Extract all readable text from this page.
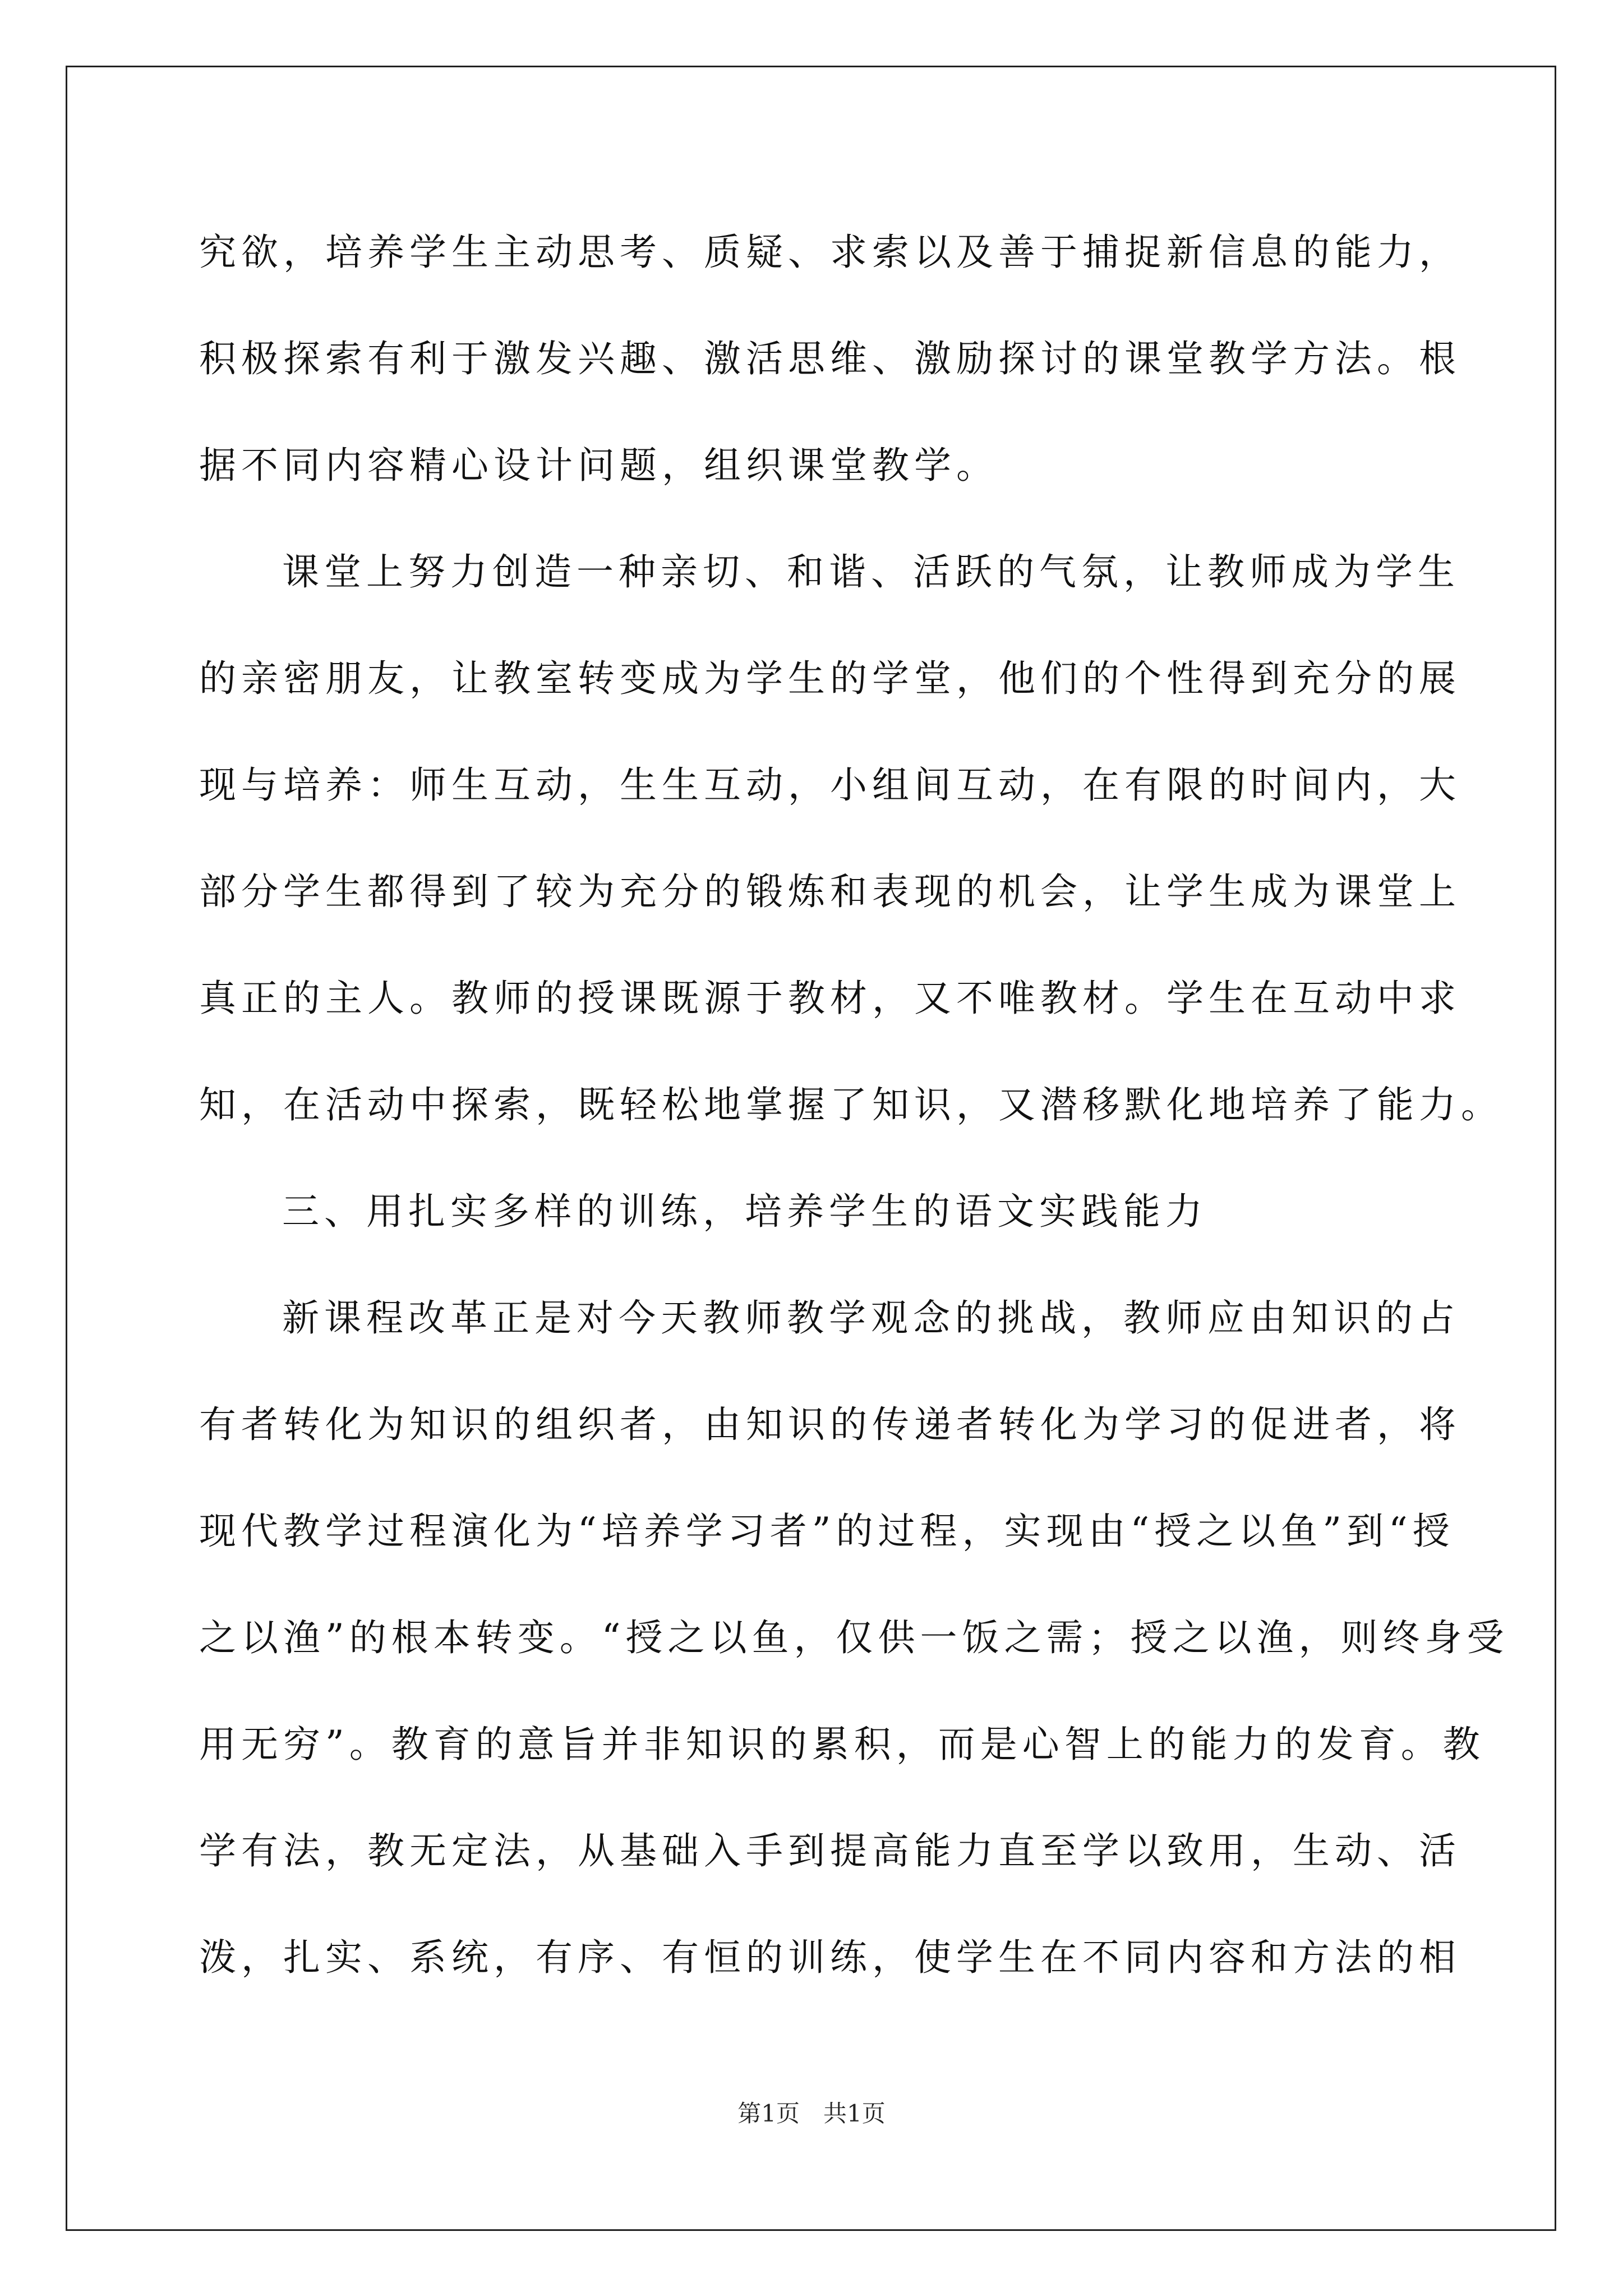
究欲，培养学生主动思考、质疑、求索以及善于捕捉新信息的能力，
积极探索有利于激发兴趣、激活思维、激励探讨的课堂教学方法。根
据不同内容精心设计问题，组织课堂教学。
课堂上努力创造一种亲切、和谐、活跃的气氛，让教师成为学生
的亲密朋友，让教室转变成为学生的学堂，他们的个性得到充分的展
现与培养：师生互动，生生互动，小组间互动，在有限的时间内，大
部分学生都得到了较为充分的锻炼和表现的机会，让学生成为课堂上
真正的主人。教师的授课既源于教材，又不唯教材。学生在互动中求
知，在活动中探索，既轻松地掌握了知识，又潜移默化地培养了能力。
三、用扎实多样的训练，培养学生的语文实践能力
新课程改革正是对今天教师教学观念的挑战，教师应由知识的占
有者转化为知识的组织者，由知识的传递者转化为学习的促进者，将
现代教学过程演化为“培养学习者”的过程，实现由“授之以鱼”到“授
之以渔”的根本转变。“授之以鱼，仅供一饭之需；授之以渔，则终身受
用无穷”。教育的意旨并非知识的累积，而是心智上的能力的发育。教
学有法，教无定法，从基础入手到提高能力直至学以致用，生动、活
泼，扎实、系统，有序、有恒的训练，使学生在不同内容和方法的相
第1页　共1页
